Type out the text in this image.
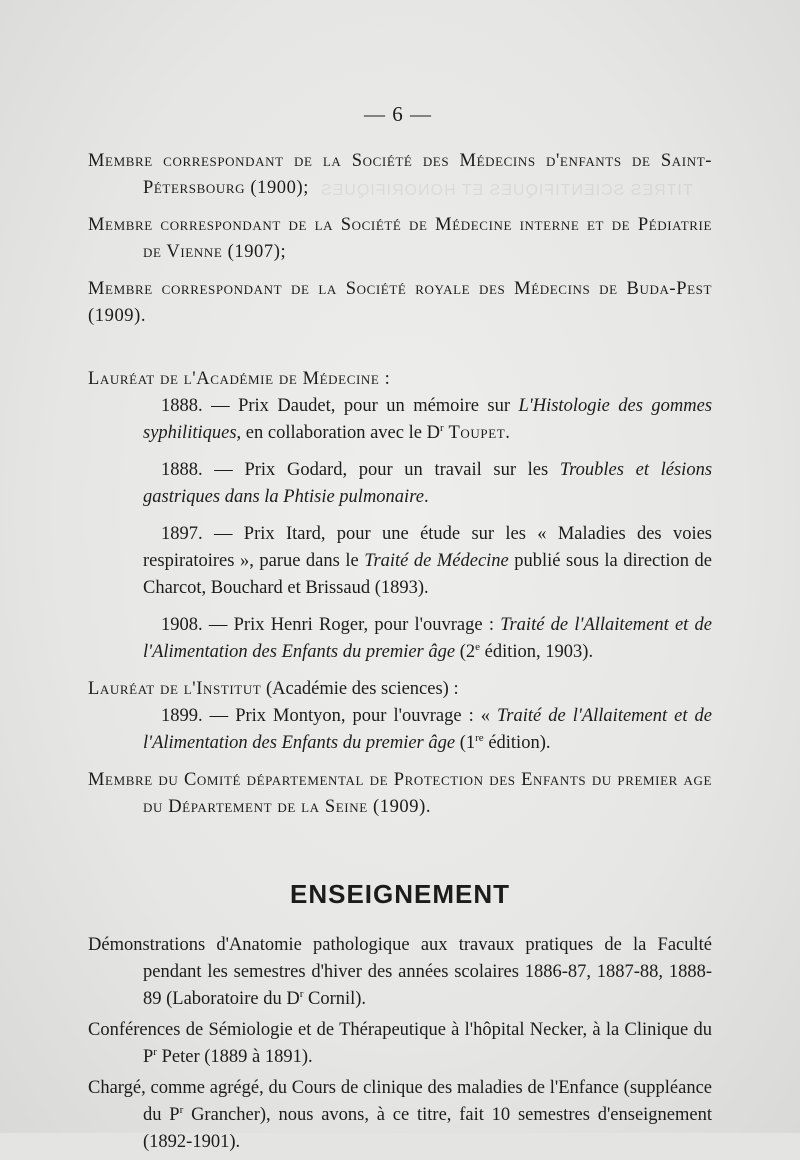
TITRES SCIENTIFIQUES ET HONORIFIQUES
— 6 —

Membre correspondant de la Société des Médecins d'enfants de Saint-Pétersbourg (1900);

Membre correspondant de la Société de Médecine interne et de Pédiatrie de Vienne (1907);

Membre correspondant de la Société royale des Médecins de Buda-Pest (1909).

Lauréat de l'Académie de Médecine :

1888. — Prix Daudet, pour un mémoire sur L'Histologie des gommes syphilitiques, en collaboration avec le $D^r$ Toupet.

1888. — Prix Godard, pour un travail sur les Troubles et lésions gastriques dans la Phtisie pulmonaire.

1897. — Prix Itard, pour une étude sur les « Maladies des voies respiratoires », parue dans le Traité de Médecine publié sous la direction de Charcot, Bouchard et Brissaud (1893).

1908. — Prix Henri Roger, pour l'ouvrage : Traité de l'Allaitement et de l'Alimentation des Enfants du premier âge (2e édition, 1903).

Lauréat de l'Institut (Académie des sciences) :

1899. — Prix Montyon, pour l'ouvrage : « Traité de l'Allaitement et de l'Alimentation des Enfants du premier âge (1re édition).

Membre du Comité départemental de Protection des Enfants du premier age du Département de la Seine (1909).

ENSEIGNEMENT

Démonstrations d'Anatomie pathologique aux travaux pratiques de la Faculté pendant les semestres d'hiver des années scolaires 1886-87, 1887-88, 1888-89 (Laboratoire du $D^r$ Cornil).

Conférences de Sémiologie et de Thérapeutique à l'hôpital Necker, à la Clinique du $P^r$ Peter (1889 à 1891).

Chargé, comme agrégé, du Cours de clinique des maladies de l'Enfance (suppléance du $P^r$ Grancher), nous avons, à ce titre, fait 10 semestres d'enseignement (1892-1901).
